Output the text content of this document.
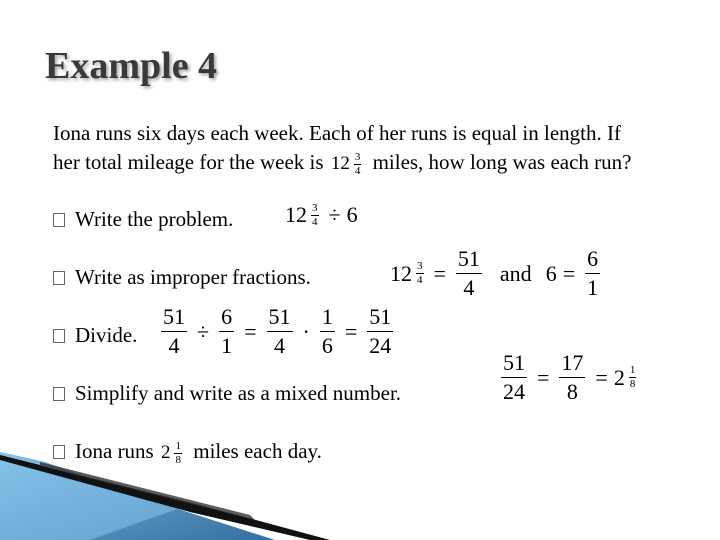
Example 4
Iona runs six days each week. Each of her runs is equal in length. If
her total mileage for the week is $12 \frac{3}{4}$ miles, how long was each run?
Write the problem.
Write as improper fractions.
Divide.
Simplify and write as a mixed number.
Iona runs $2 \frac{1}{8}$ miles each day.
$12 \frac{3}{4} \div 6$
$12 \frac{3}{4} = \frac{51}{4}$ and $6 = \frac{6}{1}$
$\frac{51}{4} \div \frac{6}{1} = \frac{51}{4} \cdot \frac{1}{6} = \frac{51}{24}$
$\frac{51}{24} = \frac{17}{8} = 2 \frac{1}{8}$
